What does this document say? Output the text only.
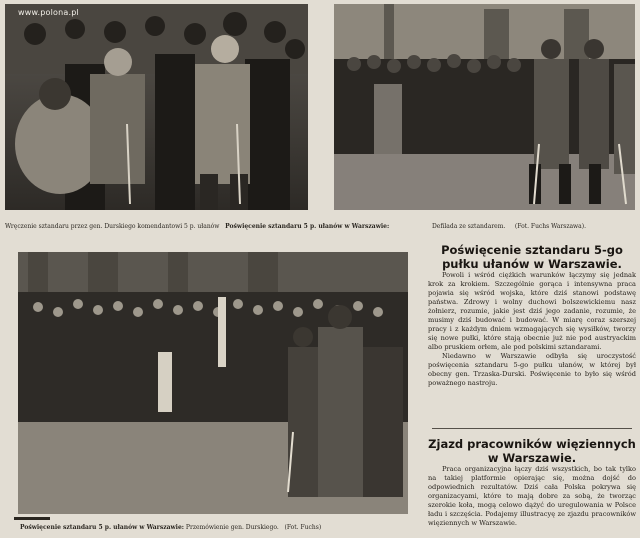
www.polona.pl
Wręczenie sztandaru przez gen. Durskiego komendantowi 5 p. ułanów Poświęcenie sztandaru 5 p. ułanów w Warszawie:	Defilada ze sztandarem. (Fot. Fuchs Warszawa).
Poświęcenie sztandaru 5 p. ułanów w Warszawie: Przemówienie gen. Durskiego. (Fot. Fuchs)
Poświęcenie sztandaru 5-go pułku ułanów w Warszawie.

Powoli i wśród ciężkich warunków łączymy się jednak krok za krokiem. Szczególnie gorąca i intensywna praca pojawia się wśród wojska, które dziś stanowi podstawę państwa. Zdrowy i wolny duchowi bolszewickiemu nasz żołnierz, rozumie, jakie jest dziś jego zadanie, rozumie, że musimy dziś budować i budować. W miarę coraz szerszej pracy i z każdym dniem wzmagających się wysiłków, tworzy się nowe pułki, które stają obecnie już nie pod austryackim albo pruskiem orłem, ale pod polskimi sztandarami.

Niedawno w Warszawie odbyła się uroczystość poświęcenia sztandaru 5-go pułku ułanów, w której był obecny gen. Trzaska-Durski. Poświęcenie to było się wśród poważnego nastroju.

Zjazd pracowników więziennych w Warszawie.

Praca organizacyjna łączy dziś wszystkich, bo tak tylko na takiej platformie opierając się, można dojść do odpowiednich rezultatów. Dziś cała Polska pokrywa się organizacyami, które to mają dobre za sobą, że tworząc szerokie koła, mogą celowo dążyć do uregulowania w Polsce ładu i szczęścia. Podajemy illustracyę ze zjazdu pracowników więziennych w Warszawie.
